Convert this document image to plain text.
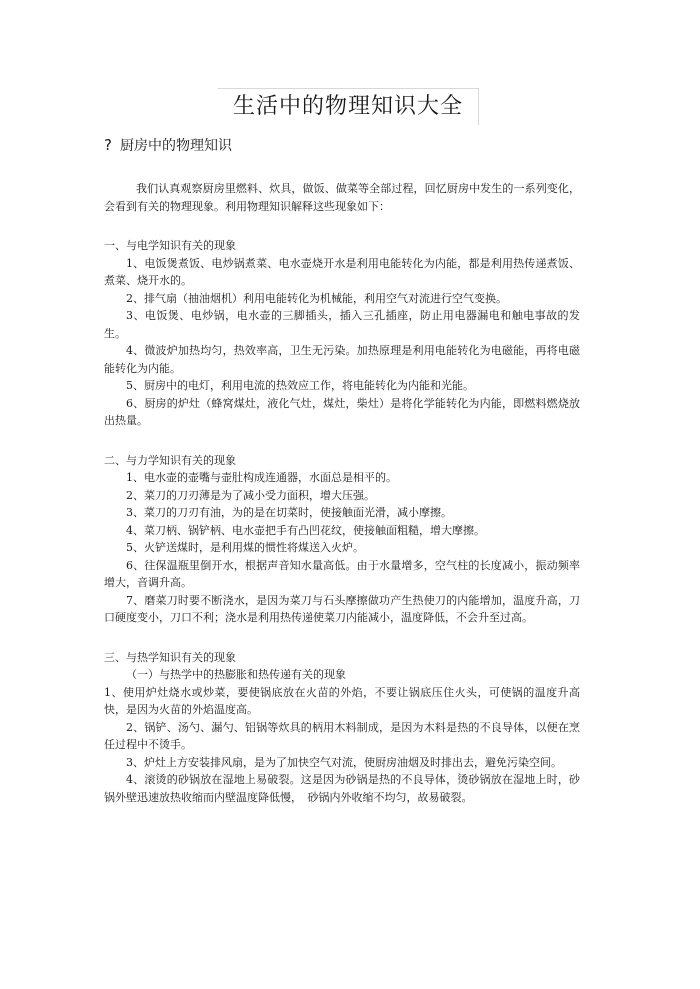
生活中的物理知识大全
? 厨房中的物理知识

我们认真观察厨房里燃料、炊具，做饭、做菜等全部过程，回忆厨房中发生的一系列变化，会看到有关的物理现象。利用物理知识解释这些现象如下：

一、与电学知识有关的现象

1、电饭煲煮饭、电炒锅煮菜、电水壶烧开水是利用电能转化为内能，都是利用热传递煮饭、煮菜、烧开水的。

2、排气扇（抽油烟机）利用电能转化为机械能，利用空气对流进行空气变换。

3、电饭煲、电炒锅，电水壶的三脚插头，插入三孔插座，防止用电器漏电和触电事故的发生。

4、微波炉加热均匀，热效率高，卫生无污染。加热原理是利用电能转化为电磁能，再将电磁能转化为内能。

5、厨房中的电灯，利用电流的热效应工作，将电能转化为内能和光能。

6、厨房的炉灶（蜂窝煤灶，液化气灶，煤灶，柴灶）是将化学能转化为内能，即燃料燃烧放出热量。

二、与力学知识有关的现象

1、电水壶的壶嘴与壶肚构成连通器，水面总是相平的。

2、菜刀的刀刃薄是为了减小受力面积，增大压强。

3、菜刀的刀刃有油，为的是在切菜时，使接触面光滑，减小摩擦。

4、菜刀柄、锅铲柄、电水壶把手有凸凹花纹，使接触面粗糙，增大摩擦。

5、火铲送煤时，是利用煤的惯性将煤送入火炉。

6、往保温瓶里倒开水，根据声音知水量高低。由于水量增多，空气柱的长度减小，振动频率增大，音调升高。

7、磨菜刀时要不断浇水，是因为菜刀与石头摩擦做功产生热使刀的内能增加，温度升高，刀口硬度变小，刀口不利；浇水是利用热传递使菜刀内能减小，温度降低，不会升至过高。

三、与热学知识有关的现象

（一）与热学中的热膨胀和热传递有关的现象

1、使用炉灶烧水或炒菜，要使锅底放在火苗的外焰，不要让锅底压住火头，可使锅的温度升高快，是因为火苗的外焰温度高。

2、锅铲、汤勺、漏勺、铝锅等炊具的柄用木料制成，是因为木料是热的不良导体，以便在烹任过程中不烫手。

3、炉灶上方安装排风扇，是为了加快空气对流，使厨房油烟及时排出去，避免污染空间。

4、滚烫的砂锅放在湿地上易破裂。这是因为砂锅是热的不良导体，烫砂锅放在湿地上时，砂锅外壁迅速放热收缩而内壁温度降低慢，　砂锅内外收缩不均匀，故易破裂。
